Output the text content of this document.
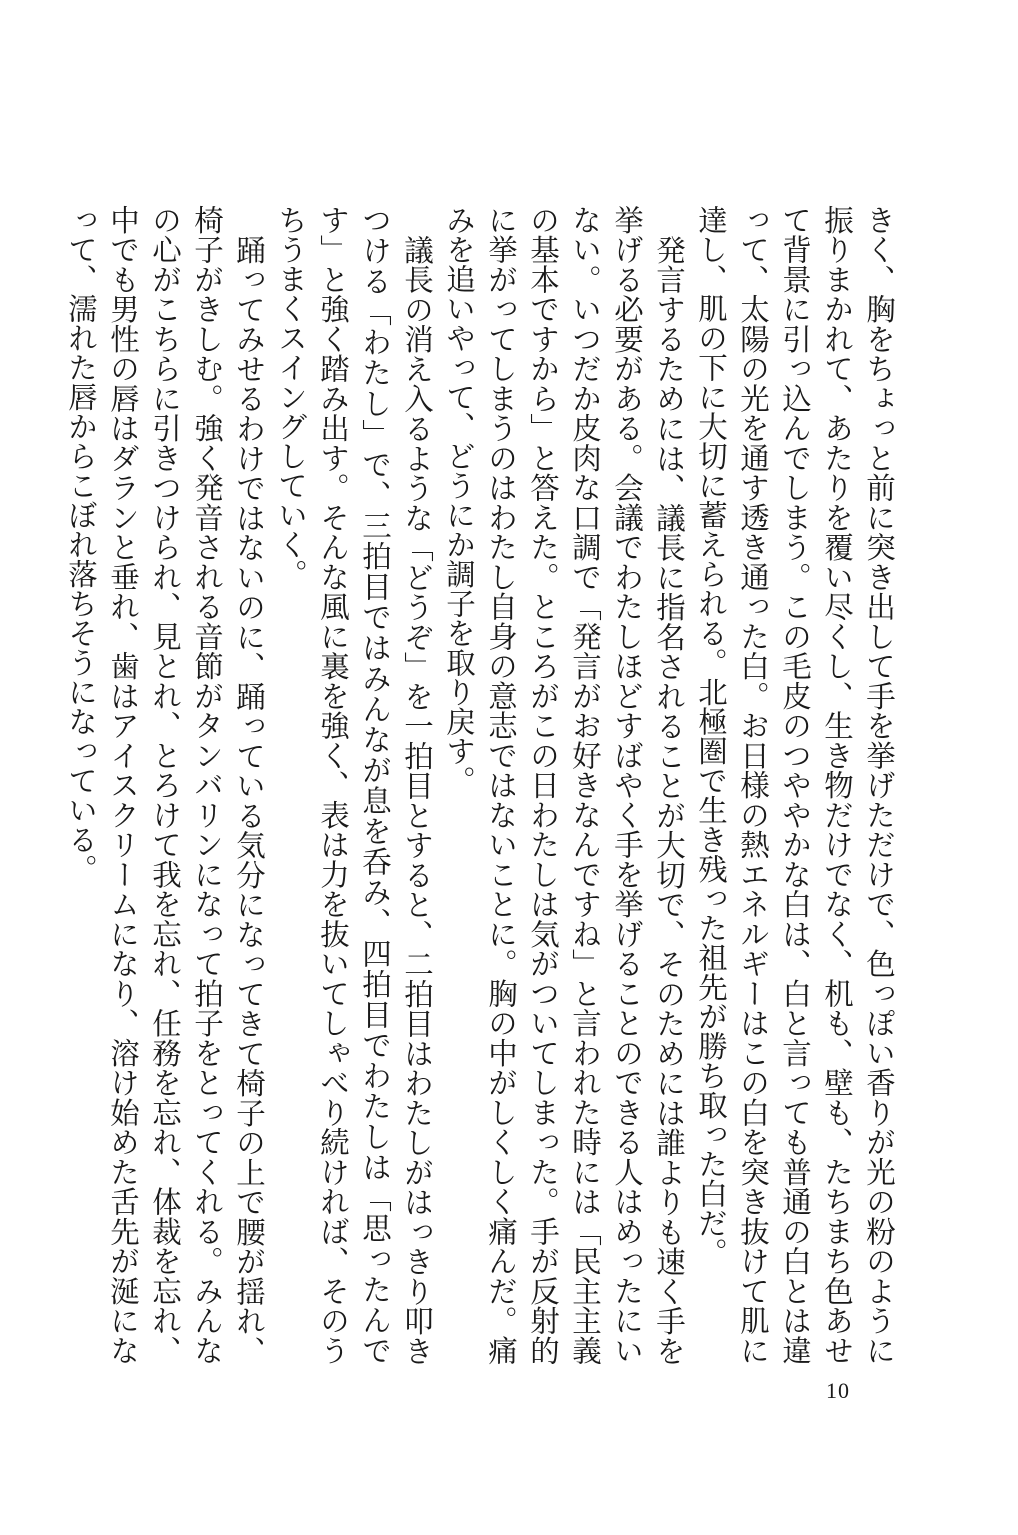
きく、胸をちょっと前に突き出して手を挙げただけで、色っぽい香りが光の粉のように振りまかれて、あたりを覆い尽くし、生き物だけでなく、机も、壁も、たちまち色あせて背景に引っ込んでしまう。この毛皮のつややかな白は、白と言っても普通の白とは違って、太陽の光を通す透き通った白。お日様の熱エネルギーはこの白を突き抜けて肌に達し、肌の下に大切に蓄えられる。北極圏で生き残った祖先が勝ち取った白だ。

発言するためには、議長に指名されることが大切で、そのためには誰よりも速く手を挙げる必要がある。会議でわたしほどすばやく手を挙げることのできる人はめったにいない。いつだか皮肉な口調で「発言がお好きなんですね」と言われた時には「民主主義の基本ですから」と答えた。ところがこの日わたしは気がついてしまった。手が反射的に挙がってしまうのはわたし自身の意志ではないことに。胸の中がしくしく痛んだ。痛みを追いやって、どうにか調子を取り戻す。

議長の消え入るような「どうぞ」を一拍目とすると、二拍目はわたしがはっきり叩きつける「わたし」で、三拍目ではみんなが息を呑み、四拍目でわたしは「思ったんです」と強く踏み出す。そんな風に裏を強く、表は力を抜いてしゃべり続ければ、そのうちうまくスイングしていく。

踊ってみせるわけではないのに、踊っている気分になってきて椅子の上で腰が揺れ、椅子がきしむ。強く発音される音節がタンバリンになって拍子をとってくれる。みんなの心がこちらに引きつけられ、見とれ、とろけて我を忘れ、任務を忘れ、体裁を忘れ、中でも男性の唇はダランと垂れ、歯はアイスクリームになり、溶け始めた舌先が涎になって、濡れた唇からこぼれ落ちそうになっている。

10
